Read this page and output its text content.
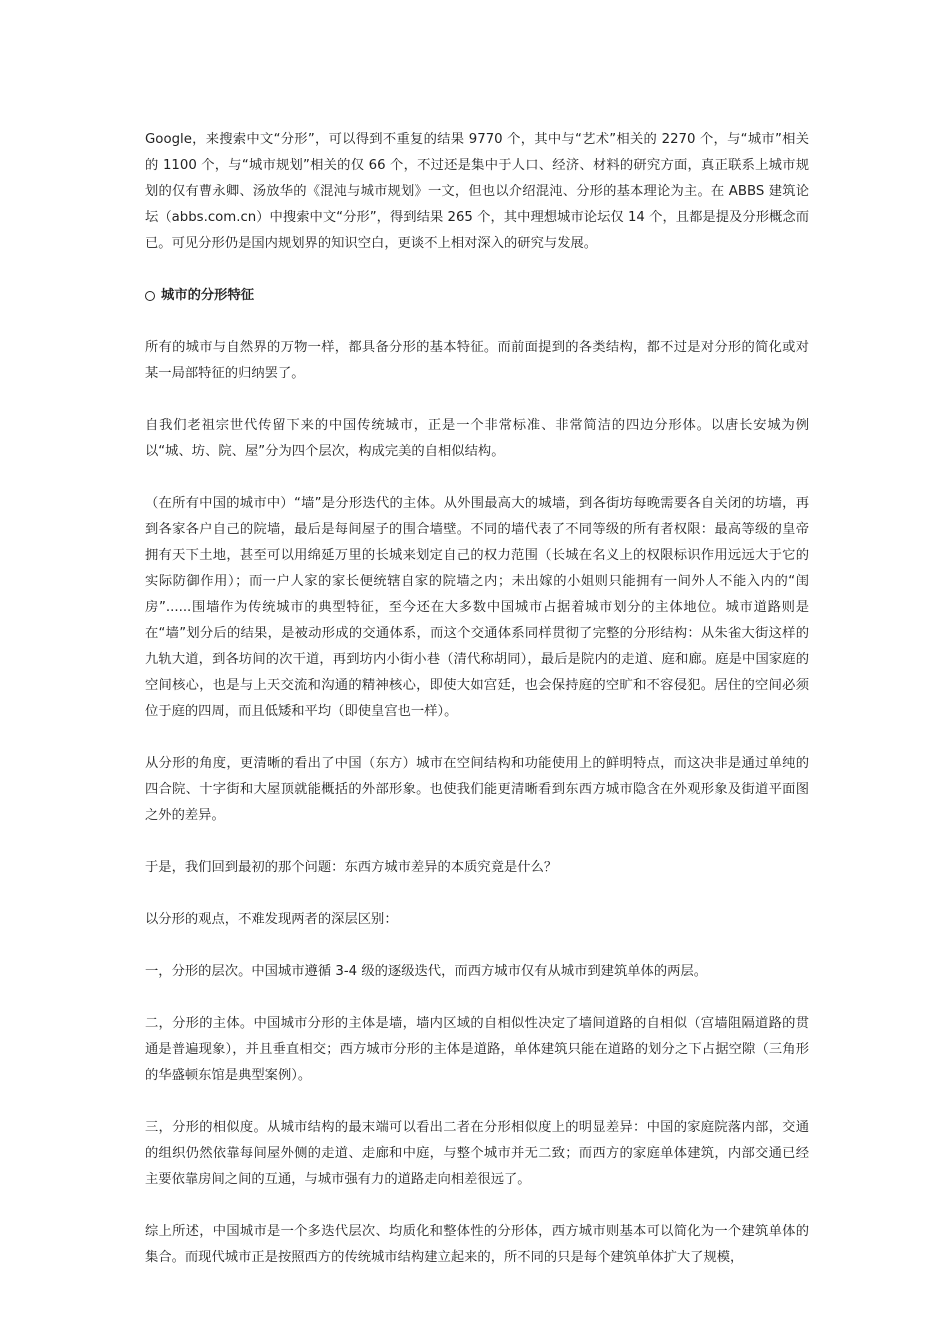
Google，来搜索中文“分形”，可以得到不重复的结果 9770 个，其中与“艺术”相关的 2270 个，与“城市”相关的 1100 个，与“城市规划”相关的仅 66 个，不过还是集中于人口、经济、材料的研究方面，真正联系上城市规划的仅有曹永卿、汤放华的《混沌与城市规划》一文，但也以介绍混沌、分形的基本理论为主。在 ABBS 建筑论坛（abbs.com.cn）中搜索中文“分形”，得到结果 265 个，其中理想城市论坛仅 14 个，且都是提及分形概念而已。可见分形仍是国内规划界的知识空白，更谈不上相对深入的研究与发展。

城市的分形特征

所有的城市与自然界的万物一样，都具备分形的基本特征。而前面提到的各类结构，都不过是对分形的简化或对某一局部特征的归纳罢了。

自我们老祖宗世代传留下来的中国传统城市，正是一个非常标准、非常简洁的四边分形体。以唐长安城为例以“城、坊、院、屋”分为四个层次，构成完美的自相似结构。

（在所有中国的城市中）“墙”是分形迭代的主体。从外围最高大的城墙，到各街坊每晚需要各自关闭的坊墙，再到各家各户自己的院墙，最后是每间屋子的围合墙壁。不同的墙代表了不同等级的所有者权限：最高等级的皇帝拥有天下土地，甚至可以用绵延万里的长城来划定自己的权力范围（长城在名义上的权限标识作用远远大于它的实际防御作用）；而一户人家的家长便统辖自家的院墙之内；未出嫁的小姐则只能拥有一间外人不能入内的“闺房”......围墙作为传统城市的典型特征，至今还在大多数中国城市占据着城市划分的主体地位。城市道路则是在“墙”划分后的结果，是被动形成的交通体系，而这个交通体系同样贯彻了完整的分形结构：从朱雀大街这样的九轨大道，到各坊间的次干道，再到坊内小街小巷（清代称胡同），最后是院内的走道、庭和廊。庭是中国家庭的空间核心，也是与上天交流和沟通的精神核心，即使大如宫廷，也会保持庭的空旷和不容侵犯。居住的空间必须位于庭的四周，而且低矮和平均（即使皇宫也一样）。

从分形的角度，更清晰的看出了中国（东方）城市在空间结构和功能使用上的鲜明特点，而这决非是通过单纯的四合院、十字街和大屋顶就能概括的外部形象。也使我们能更清晰看到东西方城市隐含在外观形象及街道平面图之外的差异。

于是，我们回到最初的那个问题：东西方城市差异的本质究竟是什么？

以分形的观点，不难发现两者的深层区别：

一，分形的层次。中国城市遵循 3-4 级的逐级迭代，而西方城市仅有从城市到建筑单体的两层。

二，分形的主体。中国城市分形的主体是墙，墙内区域的自相似性决定了墙间道路的自相似（宫墙阻隔道路的贯通是普遍现象），并且垂直相交；西方城市分形的主体是道路，单体建筑只能在道路的划分之下占据空隙（三角形的华盛顿东馆是典型案例）。

三，分形的相似度。从城市结构的最末端可以看出二者在分形相似度上的明显差异：中国的家庭院落内部，交通的组织仍然依靠每间屋外侧的走道、走廊和中庭，与整个城市并无二致；而西方的家庭单体建筑，内部交通已经主要依靠房间之间的互通，与城市强有力的道路走向相差很远了。

综上所述，中国城市是一个多迭代层次、均质化和整体性的分形体，西方城市则基本可以简化为一个建筑单体的集合。而现代城市正是按照西方的传统城市结构建立起来的，所不同的只是每个建筑单体扩大了规模，
